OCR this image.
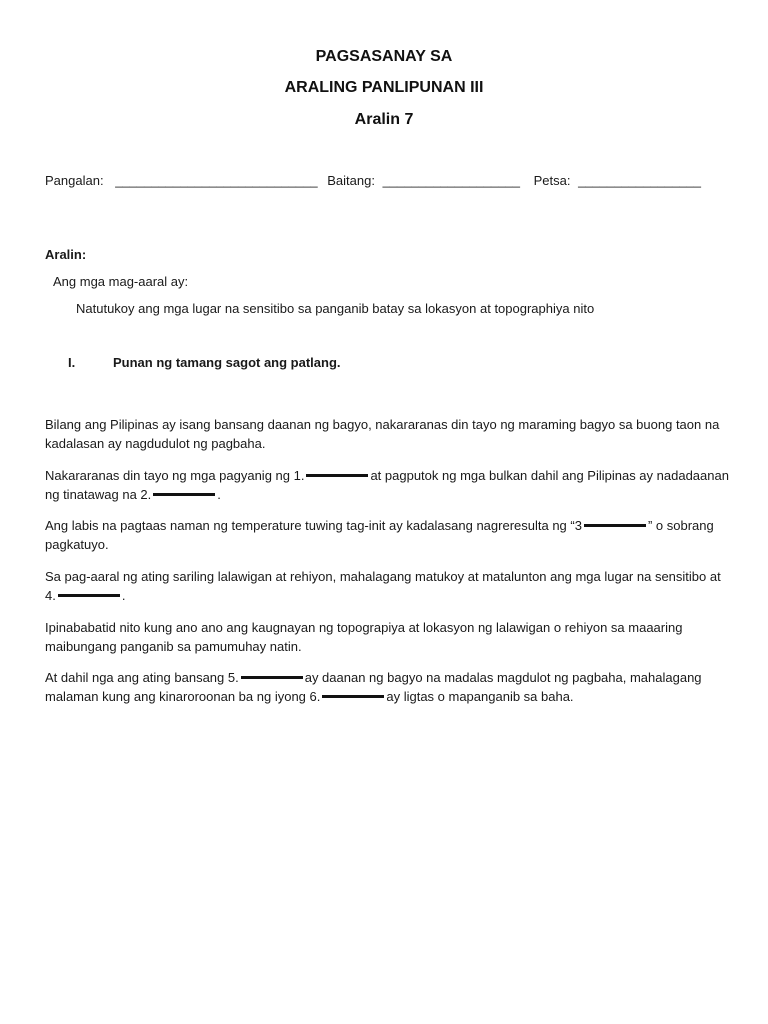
PAGSASANAY SA
ARALING PANLIPUNAN III
Aralin 7
Pangalan: ____________________________ Baitang: ___________________ Petsa: _________________

Aralin:

Ang mga mag-aaral ay:

Natutukoy ang mga lugar na sensitibo sa panganib batay sa lokasyon at topographiya nito

I.	Punan ng tamang sagot ang patlang.

Bilang ang Pilipinas ay isang bansang daanan ng bagyo, nakararanas din tayo ng maraming bagyo sa buong taon na kadalasan ay nagdudulot ng pagbaha.

Nakararanas din tayo ng mga pagyanig ng 1.	at pagputok ng mga bulkan dahil ang Pilipinas ay nadadaanan ng tinatawag na 2.	.

Ang labis na pagtaas naman ng temperature tuwing tag-init ay kadalasang nagreresulta ng “3	” o sobrang pagkatuyo.

Sa pag-aaral ng ating sariling lalawigan at rehiyon, mahalagang matukoy at matalunton ang mga lugar na sensitibo at 4.	.

Ipinababatid nito kung ano ano ang kaugnayan ng topograpiya at lokasyon ng lalawigan o rehiyon sa maaaring maibungang panganib sa pamumuhay natin.

At dahil nga ang ating bansang 5.	ay daanan ng bagyo na madalas magdulot ng pagbaha, mahalagang malaman kung ang kinaroroonan ba ng iyong 6.	ay ligtas o mapanganib sa baha.
